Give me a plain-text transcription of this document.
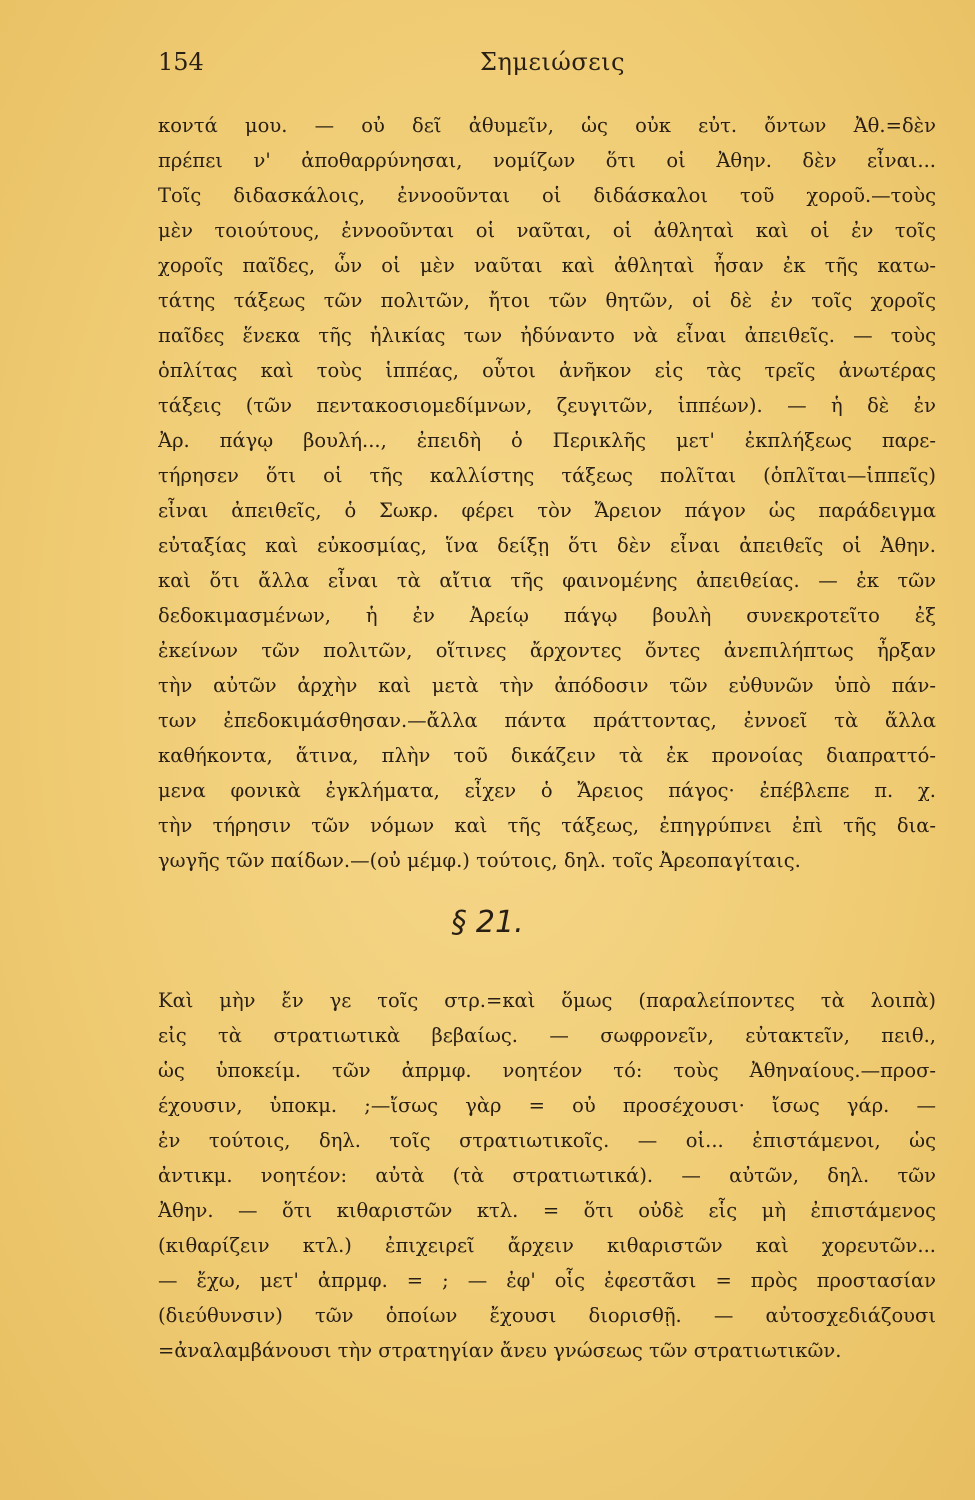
154	Σημειώσεις
κοντά μου. — οὐ δεῖ ἀθυμεῖν, ὡς οὐκ εὐτ. ὄντων Ἀθ.=δὲν
πρέπει ν' ἀποθαρρύνησαι, νομίζων ὅτι οἱ Ἀθην. δὲν εἶναι...
Τοῖς διδασκάλοις, ἐννοοῦνται οἱ διδάσκαλοι τοῦ χοροῦ.—τοὺς
μὲν τοιούτους, ἐννοοῦνται οἱ ναῦται, οἱ ἀθληταὶ καὶ οἱ ἐν τοῖς
χοροῖς παῖδες, ὧν οἱ μὲν ναῦται καὶ ἀθληταὶ ἦσαν ἐκ τῆς κατω-
τάτης τάξεως τῶν πολιτῶν, ἤτοι τῶν θητῶν, οἱ δὲ ἐν τοῖς χοροῖς
παῖδες ἕνεκα τῆς ἡλικίας των ἠδύναντο νὰ εἶναι ἀπειθεῖς. — τοὺς
ὁπλίτας καὶ τοὺς ἱππέας, οὗτοι ἀνῆκον εἰς τὰς τρεῖς ἀνωτέρας
τάξεις (τῶν πεντακοσιομεδίμνων, ζευγιτῶν, ἱππέων). — ἡ δὲ ἐν
Ἀρ. πάγῳ βουλή..., ἐπειδὴ ὁ Περικλῆς μετ' ἐκπλήξεως παρε-
τήρησεν ὅτι οἱ τῆς καλλίστης τάξεως πολῖται (ὁπλῖται—ἱππεῖς)
εἶναι ἀπειθεῖς, ὁ Σωκρ. φέρει τὸν Ἄρειον πάγον ὡς παράδειγμα
εὐταξίας καὶ εὐκοσμίας, ἵνα δείξῃ ὅτι δὲν εἶναι ἀπειθεῖς οἱ Ἀθην.
καὶ ὅτι ἄλλα εἶναι τὰ αἴτια τῆς φαινομένης ἀπειθείας. — ἐκ τῶν
δεδοκιμασμένων, ἡ ἐν Ἀρείῳ πάγῳ βουλὴ συνεκροτεῖτο ἐξ
ἐκείνων τῶν πολιτῶν, οἵτινες ἄρχοντες ὄντες ἀνεπιλήπτως ἦρξαν
τὴν αὐτῶν ἀρχὴν καὶ μετὰ τὴν ἀπόδοσιν τῶν εὐθυνῶν ὑπὸ πάν-
των ἐπεδοκιμάσθησαν.—ἄλλα πάντα πράττοντας, ἐννοεῖ τὰ ἄλλα
καθήκοντα, ἅτινα, πλὴν τοῦ δικάζειν τὰ ἐκ προνοίας διαπραττό-
μενα φονικὰ ἐγκλήματα, εἶχεν ὁ Ἄρειος πάγος· ἐπέβλεπε π. χ.
τὴν τήρησιν τῶν νόμων καὶ τῆς τάξεως, ἐπηγρύπνει ἐπὶ τῆς δια-
γωγῆς τῶν παίδων.—(οὐ μέμφ.) τούτοις, δηλ. τοῖς Ἀρεοπαγίταις.
§ 21.
Καὶ μὴν ἔν γε τοῖς στρ.=καὶ ὅμως (παραλείποντες τὰ λοιπὰ)
εἰς τὰ στρατιωτικὰ βεβαίως. — σωφρονεῖν, εὐτακτεῖν, πειθ.,
ὡς ὑποκείμ. τῶν ἀπρμφ. νοητέον τό: τοὺς Ἀθηναίους.—προσ-
έχουσιν, ὑποκμ. ;—ἴσως γὰρ = οὐ προσέχουσι· ἴσως γάρ. —
ἐν τούτοις, δηλ. τοῖς στρατιωτικοῖς. — οἱ... ἐπιστάμενοι, ὡς
ἀντικμ. νοητέον: αὐτὰ (τὰ στρατιωτικά). — αὐτῶν, δηλ. τῶν
Ἀθην. — ὅτι κιθαριστῶν κτλ. = ὅτι οὐδὲ εἷς μὴ ἐπιστάμενος
(κιθαρίζειν κτλ.) ἐπιχειρεῖ ἄρχειν κιθαριστῶν καὶ χορευτῶν...
— ἔχω, μετ' ἀπρμφ. = ; — ἐφ' οἷς ἐφεστᾶσι = πρὸς προστασίαν
(διεύθυνσιν) τῶν ὁποίων ἔχουσι διορισθῇ. — αὐτοσχεδιάζουσι
=ἀναλαμβάνουσι τὴν στρατηγίαν ἄνευ γνώσεως τῶν στρατιωτικῶν.
